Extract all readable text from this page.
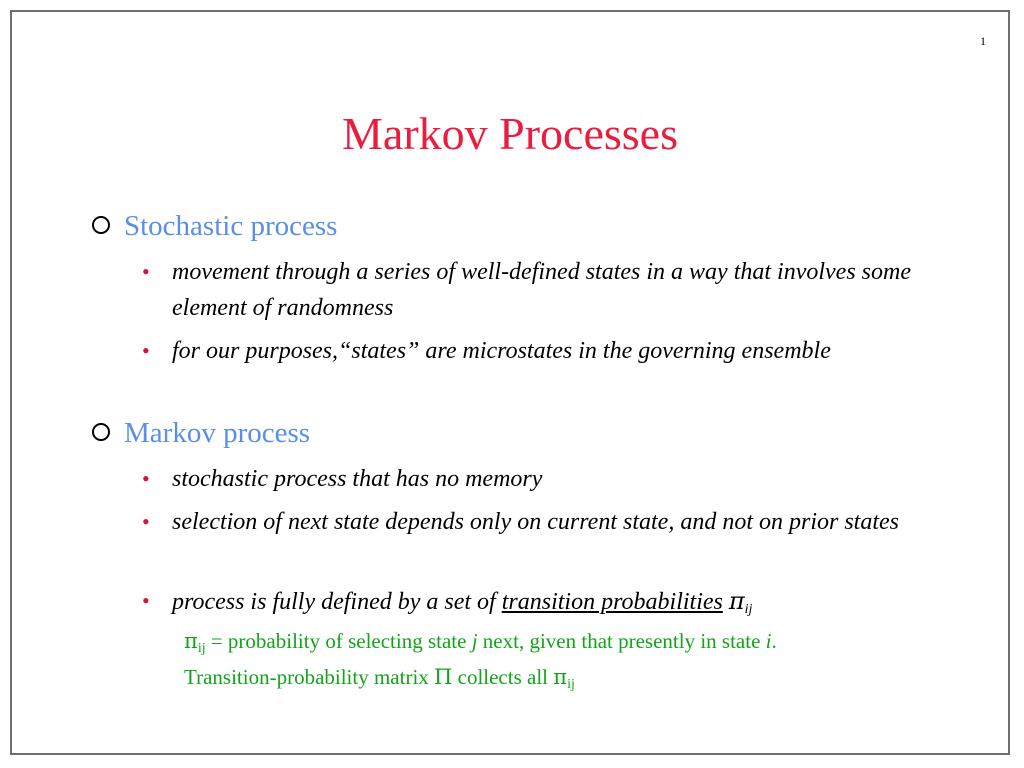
1
Markov Processes
Stochastic process
• movement through a series of well-defined states in a way that involves some element of randomness
• for our purposes,“states” are microstates in the governing ensemble
Markov process
• stochastic process that has no memory
• selection of next state depends only on current state, and not on prior states
• process is fully defined by a set of transition probabilities $\pi_{ij}$
$\pi_{ij}$ = probability of selecting state j next, given that presently in state i.
Transition-probability matrix Π collects all $\pi_{ij}$
